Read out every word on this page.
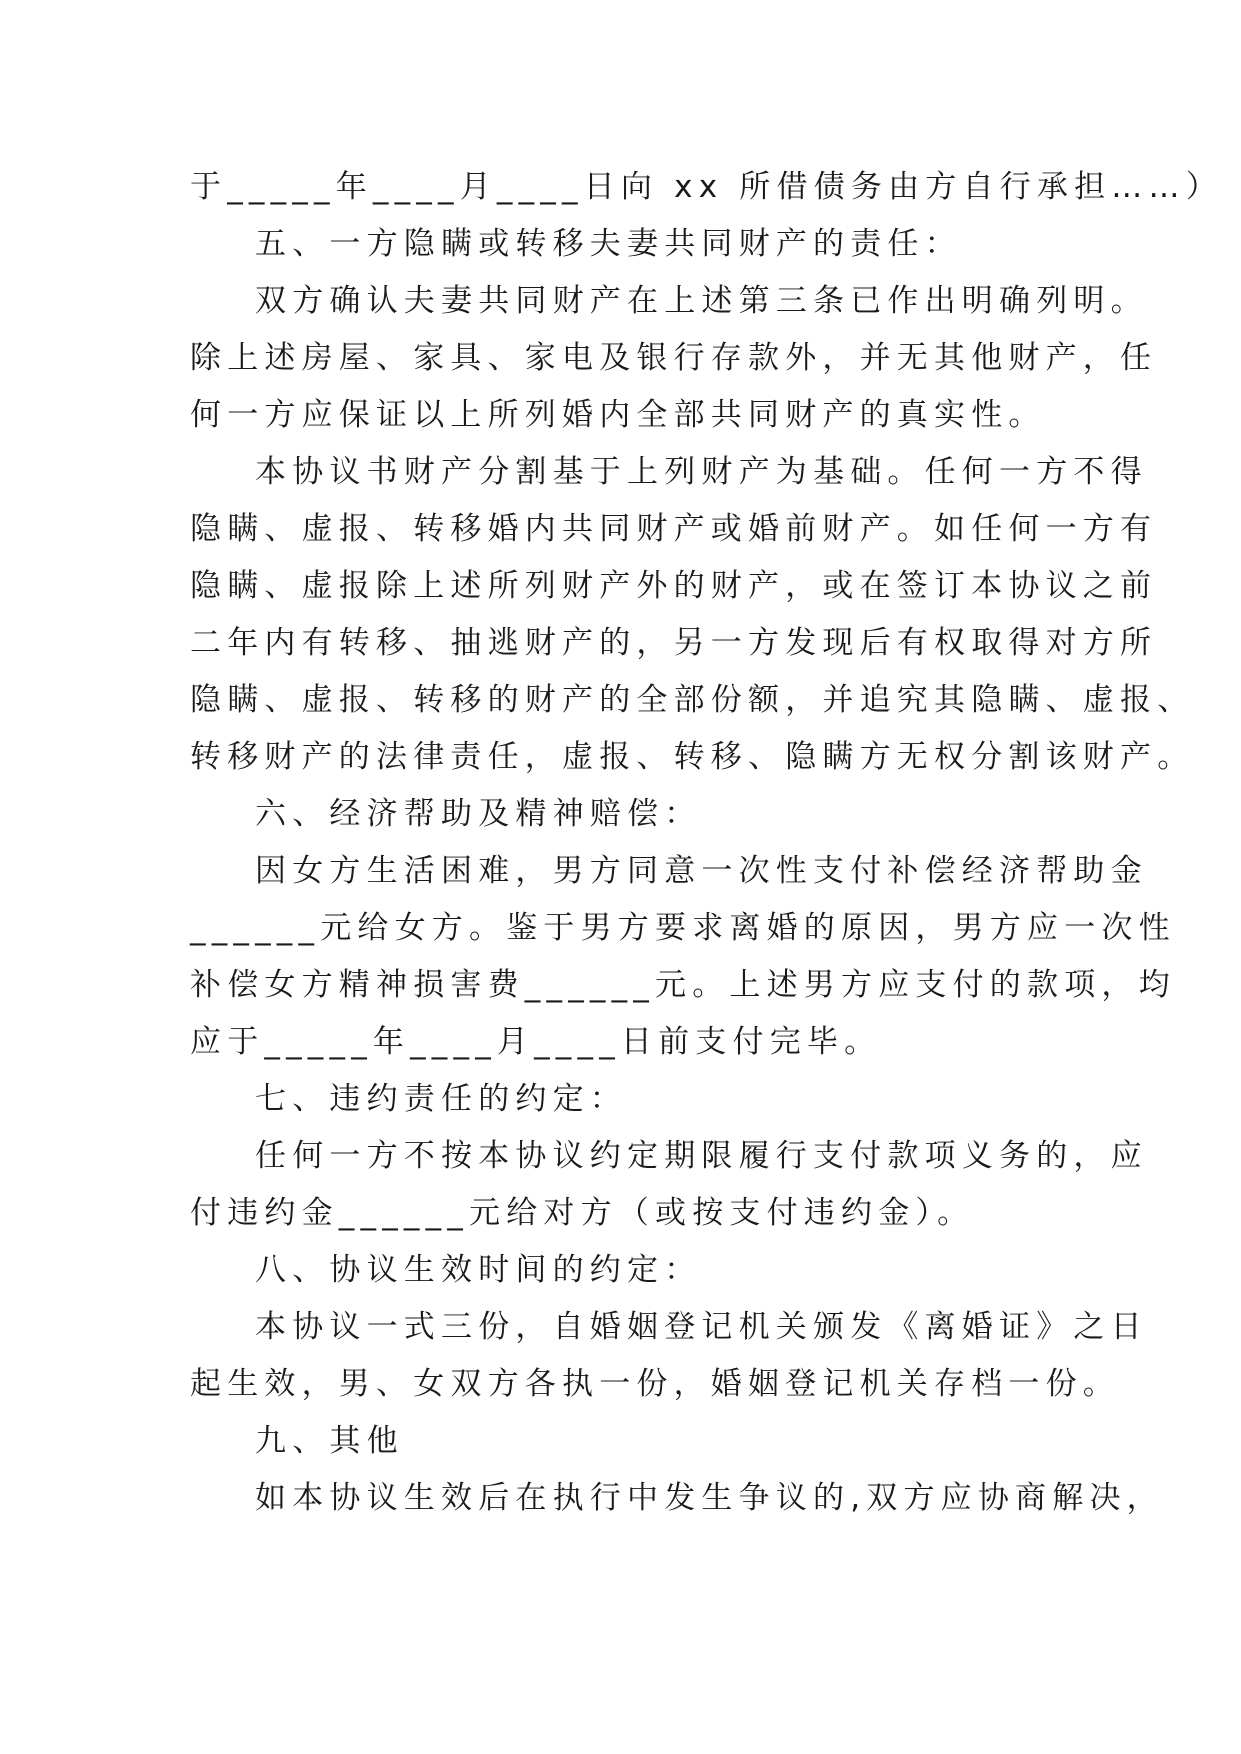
于_____年____月____日向 xx 所借债务由方自行承担……）
五、一方隐瞒或转移夫妻共同财产的责任：
双方确认夫妻共同财产在上述第三条已作出明确列明。
除上述房屋、家具、家电及银行存款外，并无其他财产，任
何一方应保证以上所列婚内全部共同财产的真实性。
本协议书财产分割基于上列财产为基础。任何一方不得
隐瞒、虚报、转移婚内共同财产或婚前财产。如任何一方有
隐瞒、虚报除上述所列财产外的财产，或在签订本协议之前
二年内有转移、抽逃财产的，另一方发现后有权取得对方所
隐瞒、虚报、转移的财产的全部份额，并追究其隐瞒、虚报、
转移财产的法律责任，虚报、转移、隐瞒方无权分割该财产。
六、经济帮助及精神赔偿：
因女方生活困难，男方同意一次性支付补偿经济帮助金
______元给女方。鉴于男方要求离婚的原因，男方应一次性
补偿女方精神损害费______元。上述男方应支付的款项，均
应于_____年____月____日前支付完毕。
七、违约责任的约定：
任何一方不按本协议约定期限履行支付款项义务的，应
付违约金______元给对方（或按支付违约金）。
八、协议生效时间的约定：
本协议一式三份，自婚姻登记机关颁发《离婚证》之日
起生效，男、女双方各执一份，婚姻登记机关存档一份。
九、其他
如本协议生效后在执行中发生争议的,双方应协商解决，
